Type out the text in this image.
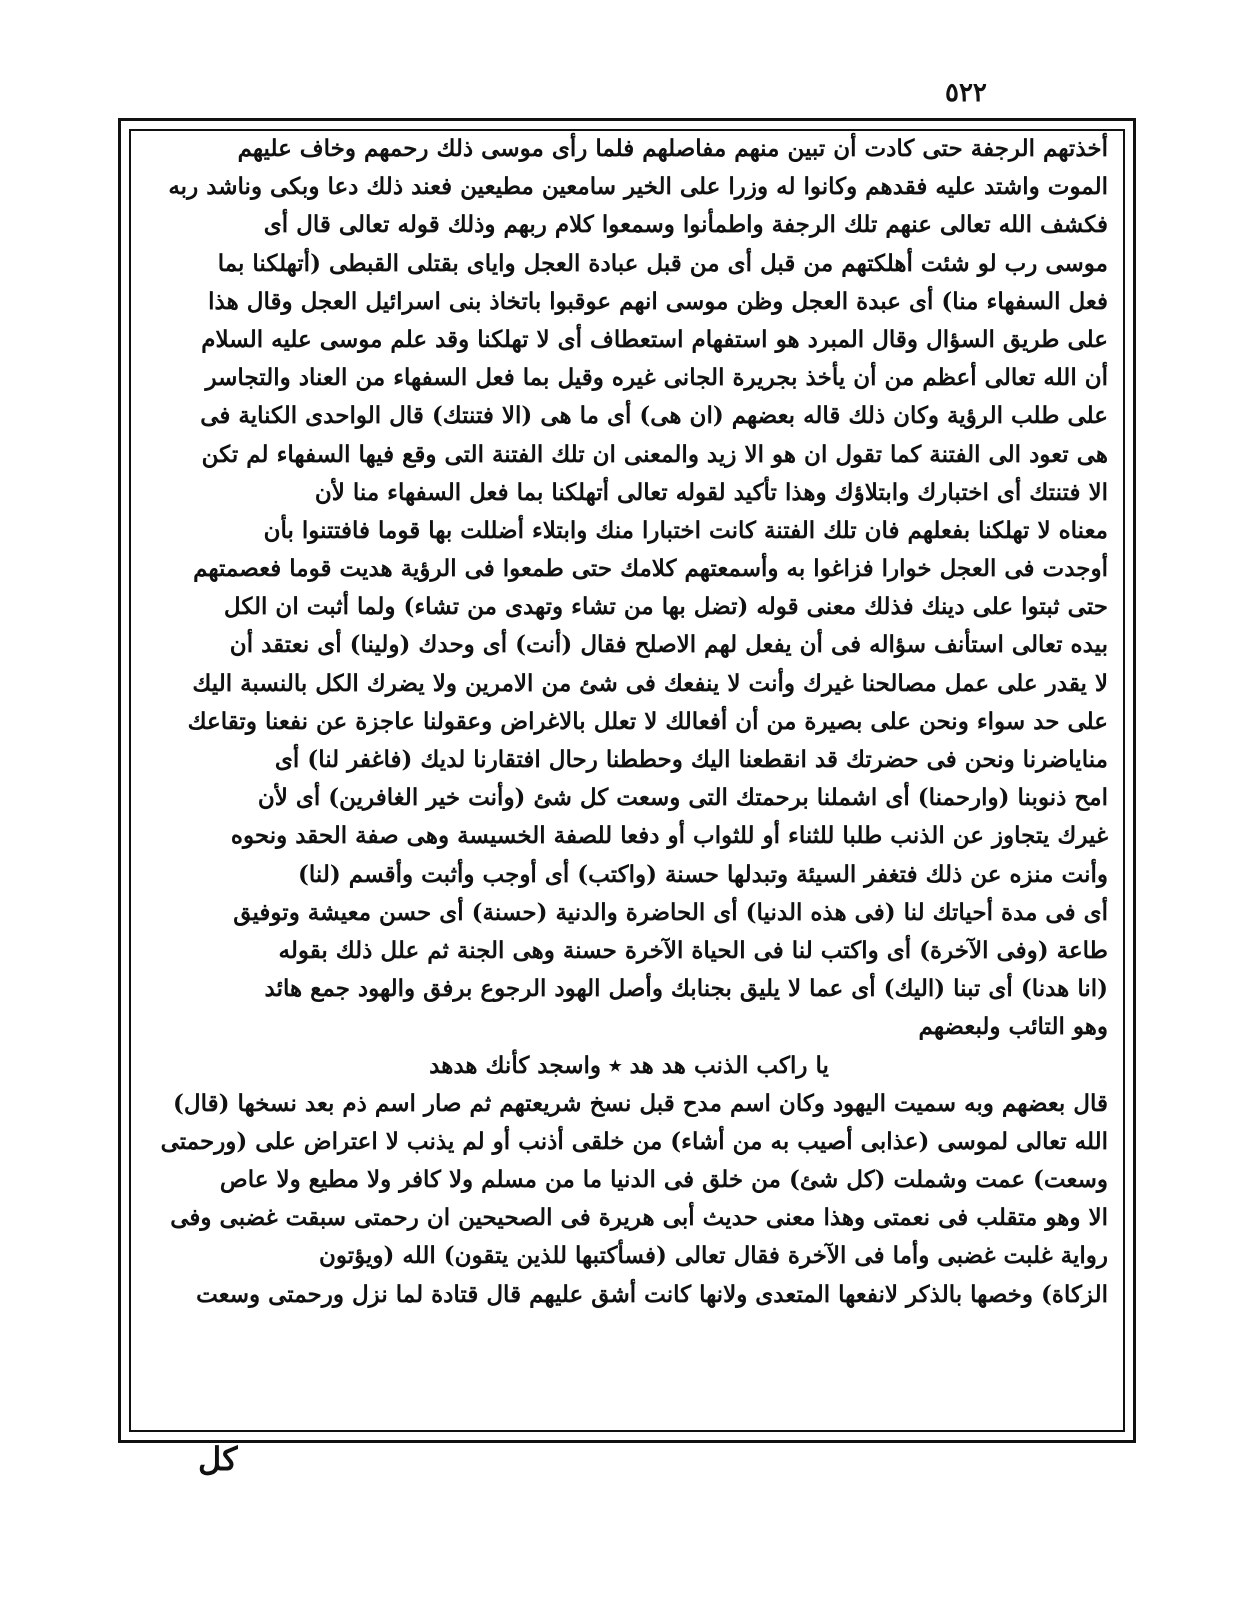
٥٢٢
أخذتهم الرجفة حتى كادت أن تبين منهم مفاصلهم فلما رأى موسى ذلك رحمهم وخاف عليهم
الموت واشتد عليه فقدهم وكانوا له وزرا على الخير سامعين مطيعين فعند ذلك دعا وبكى وناشد ربه
فكشف الله تعالى عنهم تلك الرجفة واطمأنوا وسمعوا كلام ربهم وذلك قوله تعالى قال أى
موسى رب لو شئت أهلكتهم من قبل أى من قبل عبادة العجل واياى بقتلى القبطى (أتهلكنا بما
فعل السفهاء منا) أى عبدة العجل وظن موسى انهم عوقبوا باتخاذ بنى اسرائيل العجل وقال هذا
على طريق السؤال وقال المبرد هو استفهام استعطاف أى لا تهلكنا وقد علم موسى عليه السلام
أن الله تعالى أعظم من أن يأخذ بجريرة الجانى غيره وقيل بما فعل السفهاء من العناد والتجاسر
على طلب الرؤية وكان ذلك قاله بعضهم (ان هى) أى ما هى (الا فتنتك) قال الواحدى الكناية فى
هى تعود الى الفتنة كما تقول ان هو الا زيد والمعنى ان تلك الفتنة التى وقع فيها السفهاء لم تكن
الا فتنتك أى اختبارك وابتلاؤك وهذا تأكيد لقوله تعالى أتهلكنا بما فعل السفهاء منا لأن
معناه لا تهلكنا بفعلهم فان تلك الفتنة كانت اختبارا منك وابتلاء أضللت بها قوما فافتتنوا بأن
أوجدت فى العجل خوارا فزاغوا به وأسمعتهم كلامك حتى طمعوا فى الرؤية هديت قوما فعصمتهم
حتى ثبتوا على دينك فذلك معنى قوله (تضل بها من تشاء وتهدى من تشاء) ولما أثبت ان الكل
بيده تعالى استأنف سؤاله فى أن يفعل لهم الاصلح فقال (أنت) أى وحدك (ولينا) أى نعتقد أن
لا يقدر على عمل مصالحنا غيرك وأنت لا ينفعك فى شئ من الامرين ولا يضرك الكل بالنسبة اليك
على حد سواء ونحن على بصيرة من أن أفعالك لا تعلل بالاغراض وعقولنا عاجزة عن نفعنا وتقاعك
مناياضرنا ونحن فى حضرتك قد انقطعنا اليك وحططنا رحال افتقارنا لديك (فاغفر لنا) أى
امح ذنوبنا (وارحمنا) أى اشملنا برحمتك التى وسعت كل شئ (وأنت خير الغافرين) أى لأن
غيرك يتجاوز عن الذنب طلبا للثناء أو للثواب أو دفعا للصفة الخسيسة وهى صفة الحقد ونحوه
وأنت منزه عن ذلك فتغفر السيئة وتبدلها حسنة (واكتب) أى أوجب وأثبت وأقسم (لنا)
أى فى مدة أحياتك لنا (فى هذه الدنيا) أى الحاضرة والدنية (حسنة) أى حسن معيشة وتوفيق
طاعة (وفى الآخرة) أى واكتب لنا فى الحياة الآخرة حسنة وهى الجنة ثم علل ذلك بقوله
(انا هدنا) أى تبنا (اليك) أى عما لا يليق بجنابك وأصل الهود الرجوع برفق والهود جمع هائد
وهو التائب ولبعضهم
يا راكب الذنب هد هد ٭ واسجد كأنك هدهد
قال بعضهم وبه سميت اليهود وكان اسم مدح قبل نسخ شريعتهم ثم صار اسم ذم بعد نسخها (قال)
الله تعالى لموسى (عذابى أصيب به من أشاء) من خلقى أذنب أو لم يذنب لا اعتراض على (ورحمتى
وسعت) عمت وشملت (كل شئ) من خلق فى الدنيا ما من مسلم ولا كافر ولا مطيع ولا عاص
الا وهو متقلب فى نعمتى وهذا معنى حديث أبى هريرة فى الصحيحين ان رحمتى سبقت غضبى وفى
رواية غلبت غضبى وأما فى الآخرة فقال تعالى (فسأكتبها للذين يتقون) الله (ويؤتون
الزكاة) وخصها بالذكر لانفعها المتعدى ولانها كانت أشق عليهم قال قتادة لما نزل ورحمتى وسعت
كل
